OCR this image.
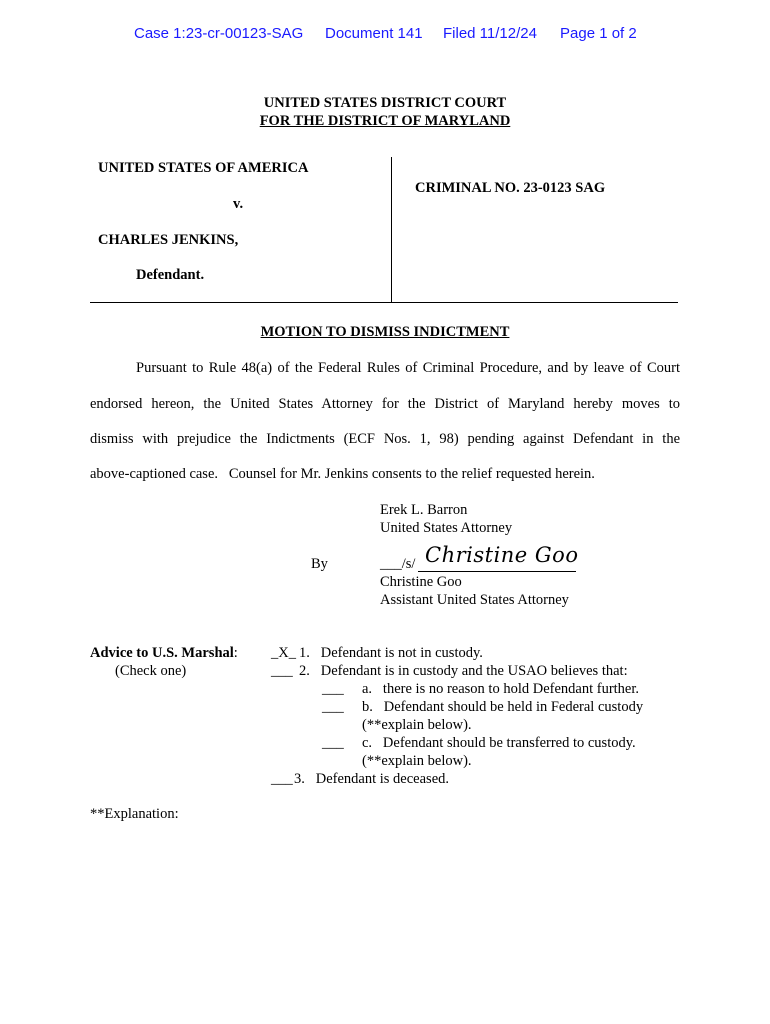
Case 1:23-cr-00123-SAG Document 141 Filed 11/12/24 Page 1 of 2
UNITED STATES DISTRICT COURT
FOR THE DISTRICT OF MARYLAND
UNITED STATES OF AMERICA
v.
CHARLES JENKINS,
Defendant.
CRIMINAL NO. 23-0123 SAG
MOTION TO DISMISS INDICTMENT
Pursuant to Rule 48(a) of the Federal Rules of Criminal Procedure, and by leave of Court
endorsed hereon, the United States Attorney for the District of Maryland hereby moves to
dismiss with prejudice the Indictments (ECF Nos. 1, 98) pending against Defendant in the
above-captioned case.   Counsel for Mr. Jenkins consents to the relief requested herein.
Erek L. Barron
United States Attorney
By	___/s/ Christine Goo
Christine Goo
Assistant United States Attorney
Advice to U.S. Marshal:
(Check one)
_X_ 1.   Defendant is not in custody.
___ 2.   Defendant is in custody and the USAO believes that:
___ a.   there is no reason to hold Defendant further.
___ b.   Defendant should be held in Federal custody
(**explain below).
___ c.   Defendant should be transferred to custody.
(**explain below).
___ 3.   Defendant is deceased.
**Explanation:
